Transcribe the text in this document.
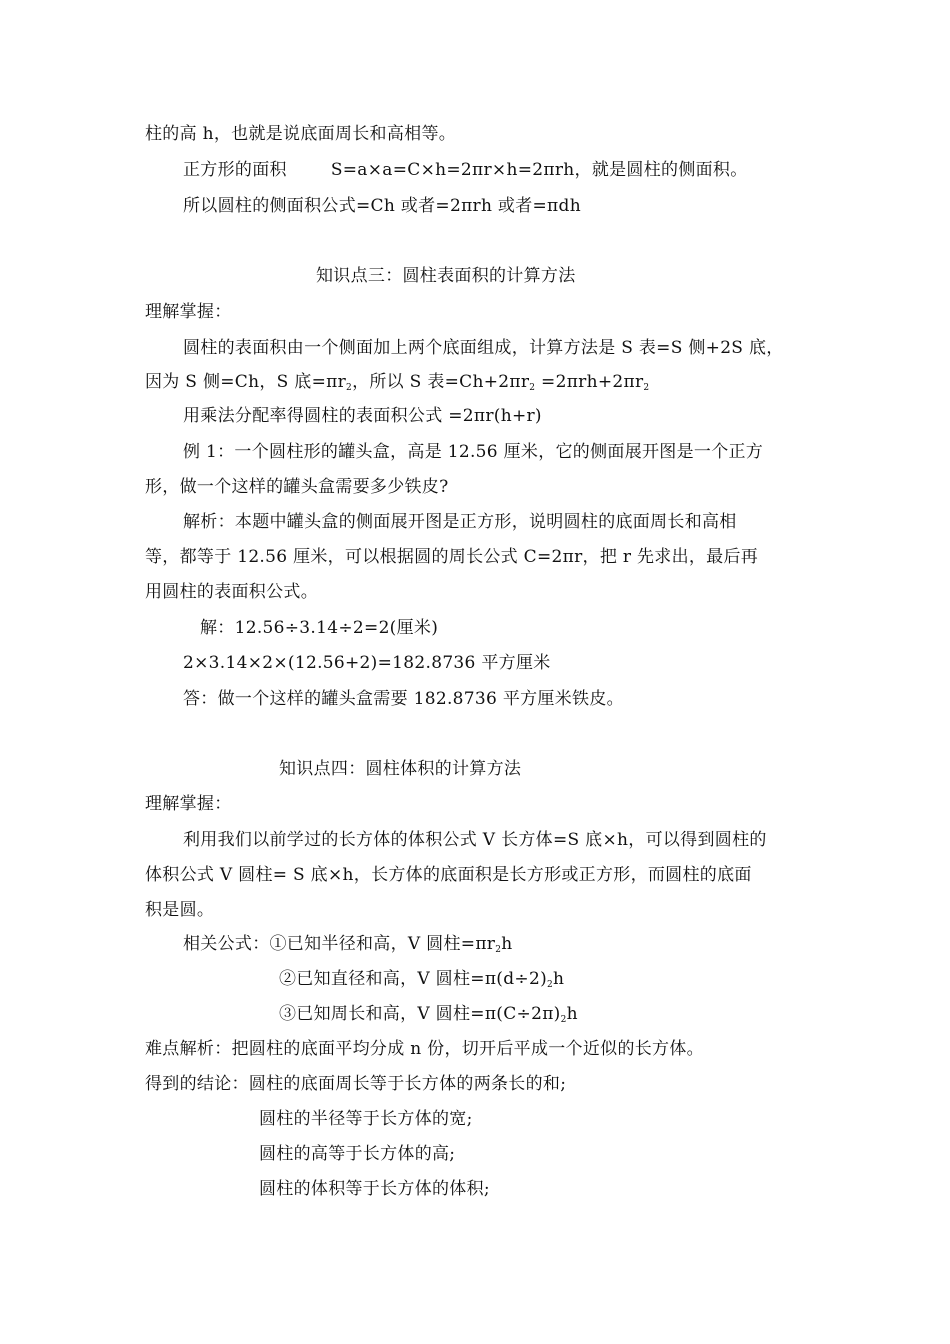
柱的高 h，也就是说底面周长和高相等。
正方形的面积	S=a×a=C×h=2πr×h=2πrh，就是圆柱的侧面积。
所以圆柱的侧面积公式=Ch 或者=2πrh 或者=πdh
知识点三：圆柱表面积的计算方法
理解掌握：
圆柱的表面积由一个侧面加上两个底面组成，计算方法是 S 表=S 侧+2S 底，
因为 S 侧=Ch，S 底$=\pi r_2$，所以 S 表$=Ch+2\pi r_2 =2\pi rh+2\pi r_2$
用乘法分配率得圆柱的表面积公式 =2πr(h+r)
例 1：一个圆柱形的罐头盒，高是 12.56 厘米，它的侧面展开图是一个正方
形，做一个这样的罐头盒需要多少铁皮?
解析：本题中罐头盒的侧面展开图是正方形，说明圆柱的底面周长和高相
等，都等于 12.56 厘米，可以根据圆的周长公式 C=2πr，把 r 先求出，最后再
用圆柱的表面积公式。
解：12.56÷3.14÷2=2(厘米)
2×3.14×2×(12.56+2)=182.8736 平方厘米
答：做一个这样的罐头盒需要 182.8736 平方厘米铁皮。
知识点四：圆柱体积的计算方法
理解掌握：
利用我们以前学过的长方体的体积公式 V 长方体=S 底×h，可以得到圆柱的
体积公式 V 圆柱= S 底×h，长方体的底面积是长方形或正方形，而圆柱的底面
积是圆。
相关公式：①已知半径和高，V 圆柱$=\pi r_2h$
②已知直径和高，V 圆柱$=\pi(d\div 2)_2h$
③已知周长和高，V 圆柱$=\pi(C\div 2\pi)_2h$
难点解析：把圆柱的底面平均分成 n 份，切开后平成一个近似的长方体。
得到的结论：圆柱的底面周长等于长方体的两条长的和;
圆柱的半径等于长方体的宽;
圆柱的高等于长方体的高;
圆柱的体积等于长方体的体积;
